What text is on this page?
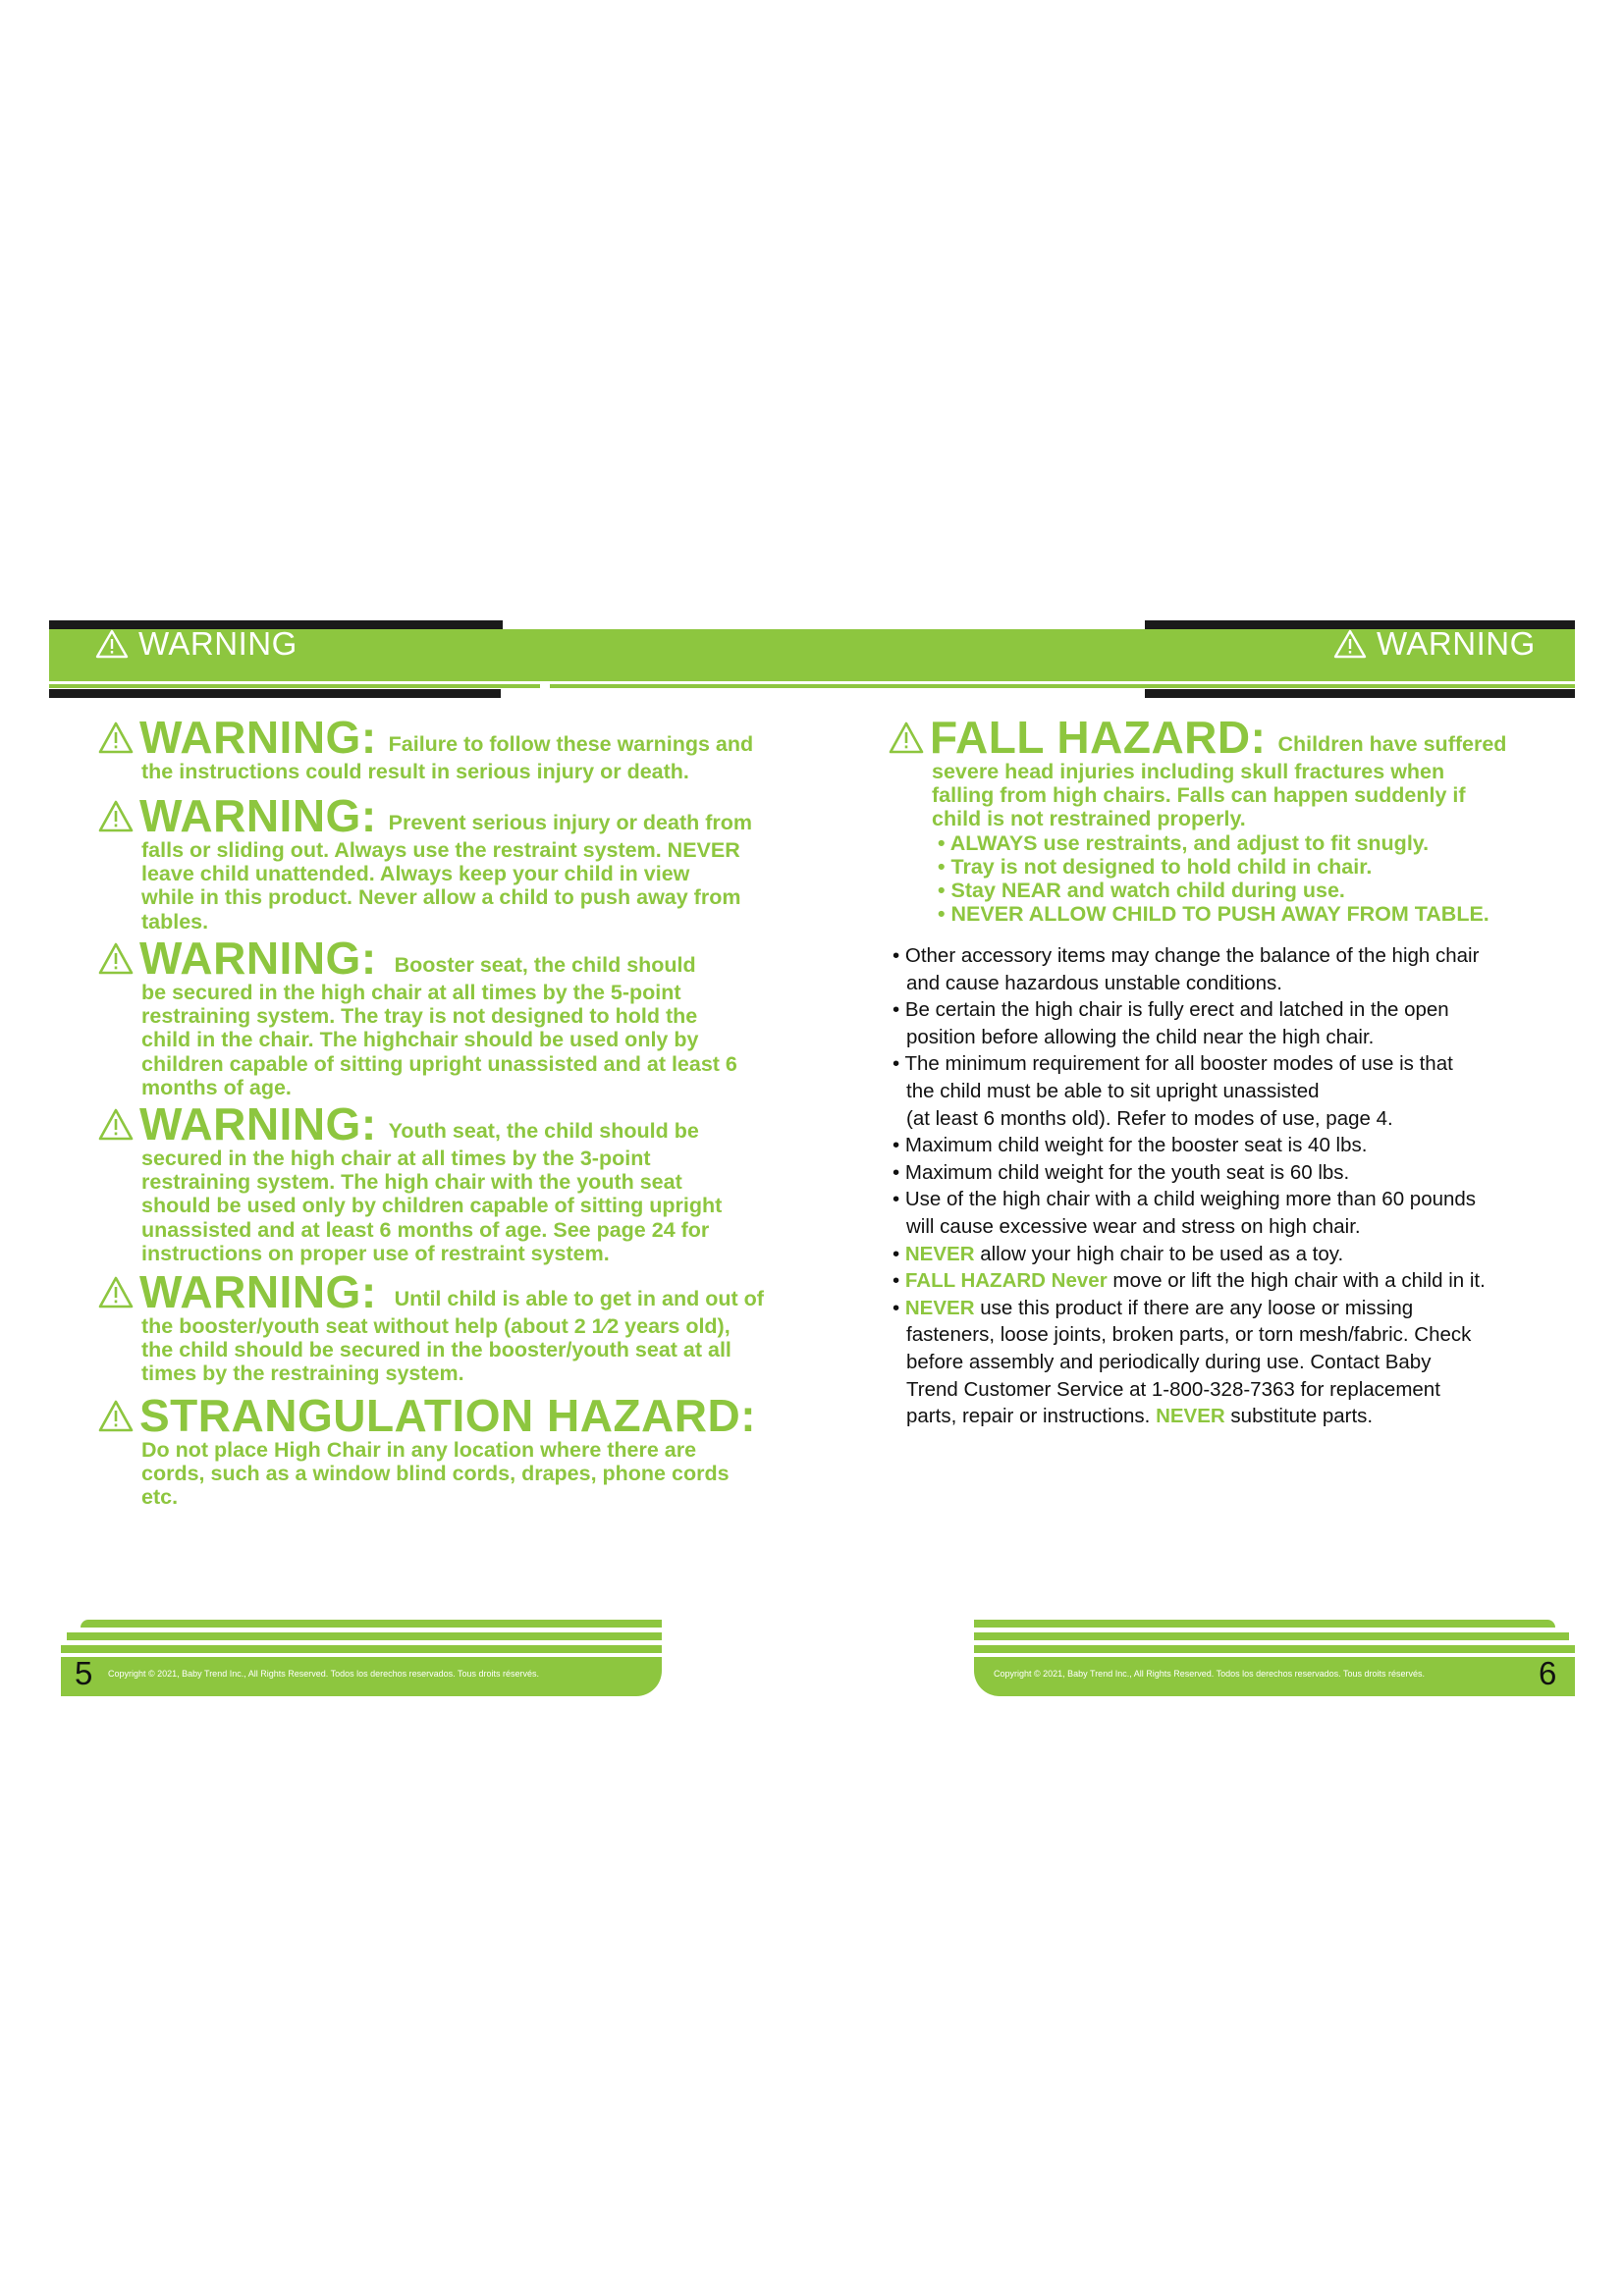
WARNING	WARNING
WARNING: Failure to follow these warnings and
the instructions could result in serious injury or death.
WARNING: Prevent serious injury or death from
falls or sliding out. Always use the restraint system. NEVER
leave child unattended. Always keep your child in view
while in this product. Never allow a child to push away from
tables.
WARNING: Booster seat, the child should
be secured in the high chair at all times by the 5-point
restraining system. The tray is not designed to hold the
child in the chair. The highchair should be used only by
children capable of sitting upright unassisted and at least 6
months of age.
WARNING: Youth seat, the child should be
secured in the high chair at all times by the 3-point
restraining system. The high chair with the youth seat
should be used only by children capable of sitting upright
unassisted and at least 6 months of age. See page 24 for
instructions on proper use of restraint system.
WARNING: Until child is able to get in and out of
the booster/youth seat without help (about 2 1⁄2 years old),
the child should be secured in the booster/youth seat at all
times by the restraining system.
STRANGULATION HAZARD:
Do not place High Chair in any location where there are
cords, such as a window blind cords, drapes, phone cords
etc.
FALL HAZARD: Children have suffered
severe head injuries including skull fractures when
falling from high chairs. Falls can happen suddenly if
child is not restrained properly.
• ALWAYS use restraints, and adjust to fit snugly.
• Tray is not designed to hold child in chair.
• Stay NEAR and watch child during use.
• NEVER ALLOW CHILD TO PUSH AWAY FROM TABLE.
• Other accessory items may change the balance of the high chair
and cause hazardous unstable conditions.
• Be certain the high chair is fully erect and latched in the open
position before allowing the child near the high chair.
• The minimum requirement for all booster modes of use is that
the child must be able to sit upright unassisted
(at least 6 months old). Refer to modes of use, page 4.
• Maximum child weight for the booster seat is 40 lbs.
• Maximum child weight for the youth seat is 60 lbs.
• Use of the high chair with a child weighing more than 60 pounds
will cause excessive wear and stress on high chair.
• NEVER allow your high chair to be used as a toy.
• FALL HAZARD Never move or lift the high chair with a child in it.
• NEVER use this product if there are any loose or missing
fasteners, loose joints, broken parts, or torn mesh/fabric. Check
before assembly and periodically during use. Contact Baby
Trend Customer Service at 1-800-328-7363 for replacement
parts, repair or instructions. NEVER substitute parts.
5 Copyright © 2021, Baby Trend Inc., All Rights Reserved. Todos los derechos reservados. Tous droits réservés.	Copyright © 2021, Baby Trend Inc., All Rights Reserved. Todos los derechos reservados. Tous droits réservés.	6
